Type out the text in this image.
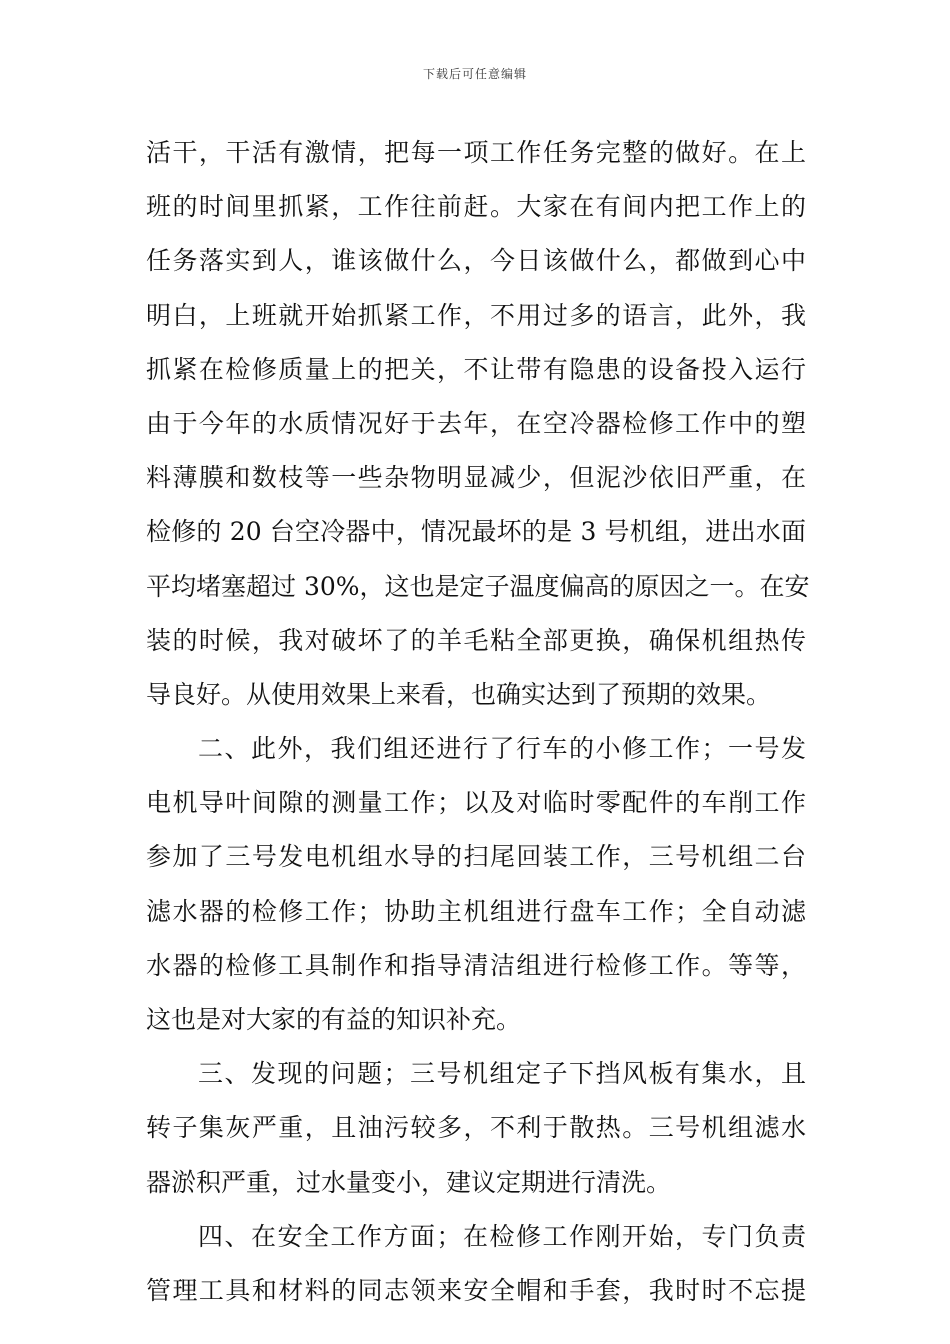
下载后可任意编辑
活干，干活有激情，把每一项工作任务完整的做好。在上
班的时间里抓紧，工作往前赶。大家在有间内把工作上的
任务落实到人，谁该做什么，今日该做什么，都做到心中
明白，上班就开始抓紧工作，不用过多的语言，此外，我
抓紧在检修质量上的把关，不让带有隐患的设备投入运行
由于今年的水质情况好于去年，在空冷器检修工作中的塑
料薄膜和数枝等一些杂物明显减少，但泥沙依旧严重，在
检修的 20 台空冷器中，情况最坏的是 3 号机组，进出水面
平均堵塞超过 30%，这也是定子温度偏高的原因之一。在安
装的时候，我对破坏了的羊毛粘全部更换，确保机组热传
导良好。从使用效果上来看，也确实达到了预期的效果。
二、此外，我们组还进行了行车的小修工作；一号发
电机导叶间隙的测量工作；以及对临时零配件的车削工作
参加了三号发电机组水导的扫尾回装工作，三号机组二台
滤水器的检修工作；协助主机组进行盘车工作；全自动滤
水器的检修工具制作和指导清洁组进行检修工作。等等，
这也是对大家的有益的知识补充。
三、发现的问题；三号机组定子下挡风板有集水，且
转子集灰严重，且油污较多，不利于散热。三号机组滤水
器淤积严重，过水量变小，建议定期进行清洗。
四、在安全工作方面；在检修工作刚开始，专门负责
管理工具和材料的同志领来安全帽和手套，我时时不忘提
